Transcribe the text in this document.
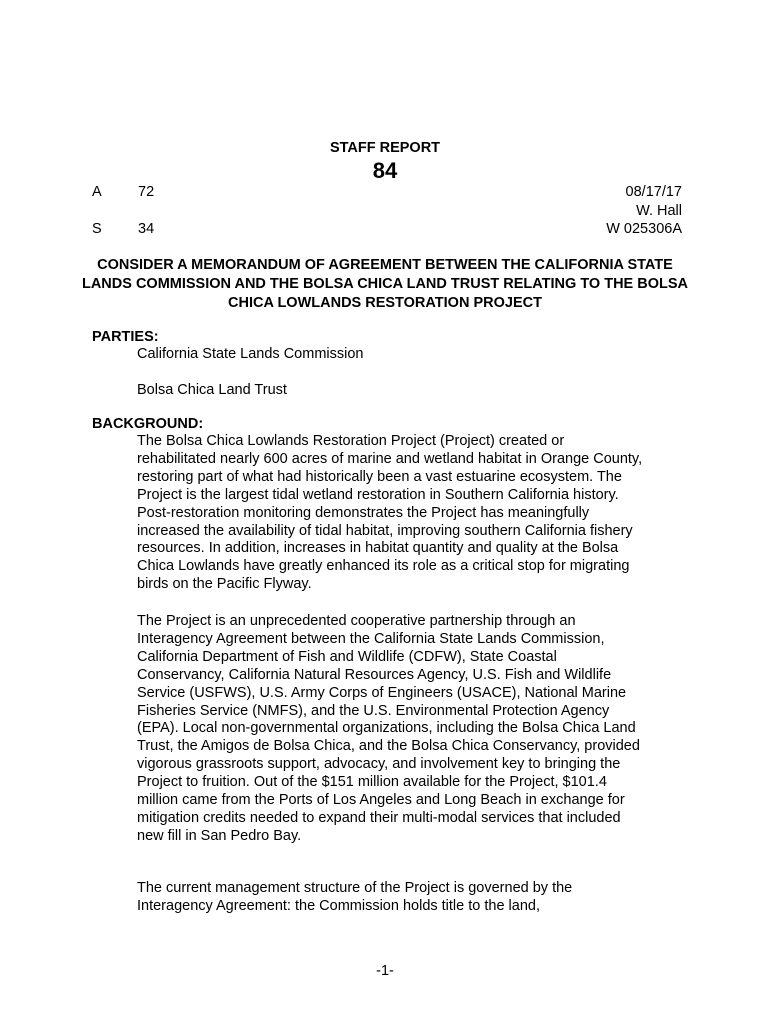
STAFF REPORT
84
A	72	08/17/17
W. Hall
S	34	W 025306A
CONSIDER A MEMORANDUM OF AGREEMENT BETWEEN THE CALIFORNIA STATE LANDS COMMISSION AND THE BOLSA CHICA LAND TRUST RELATING TO THE BOLSA CHICA LOWLANDS RESTORATION PROJECT
PARTIES:
California State Lands Commission
Bolsa Chica Land Trust
BACKGROUND:
The Bolsa Chica Lowlands Restoration Project (Project) created or rehabilitated nearly 600 acres of marine and wetland habitat in Orange County, restoring part of what had historically been a vast estuarine ecosystem. The Project is the largest tidal wetland restoration in Southern California history. Post-restoration monitoring demonstrates the Project has meaningfully increased the availability of tidal habitat, improving southern California fishery resources. In addition, increases in habitat quantity and quality at the Bolsa Chica Lowlands have greatly enhanced its role as a critical stop for migrating birds on the Pacific Flyway.
The Project is an unprecedented cooperative partnership through an Interagency Agreement between the California State Lands Commission, California Department of Fish and Wildlife (CDFW), State Coastal Conservancy, California Natural Resources Agency, U.S. Fish and Wildlife Service (USFWS), U.S. Army Corps of Engineers (USACE), National Marine Fisheries Service (NMFS), and the U.S. Environmental Protection Agency (EPA). Local non-governmental organizations, including the Bolsa Chica Land Trust, the Amigos de Bolsa Chica, and the Bolsa Chica Conservancy, provided vigorous grassroots support, advocacy, and involvement key to bringing the Project to fruition. Out of the $151 million available for the Project, $101.4 million came from the Ports of Los Angeles and Long Beach in exchange for mitigation credits needed to expand their multi-modal services that included new fill in San Pedro Bay.
The current management structure of the Project is governed by the Interagency Agreement: the Commission holds title to the land,
-1-
